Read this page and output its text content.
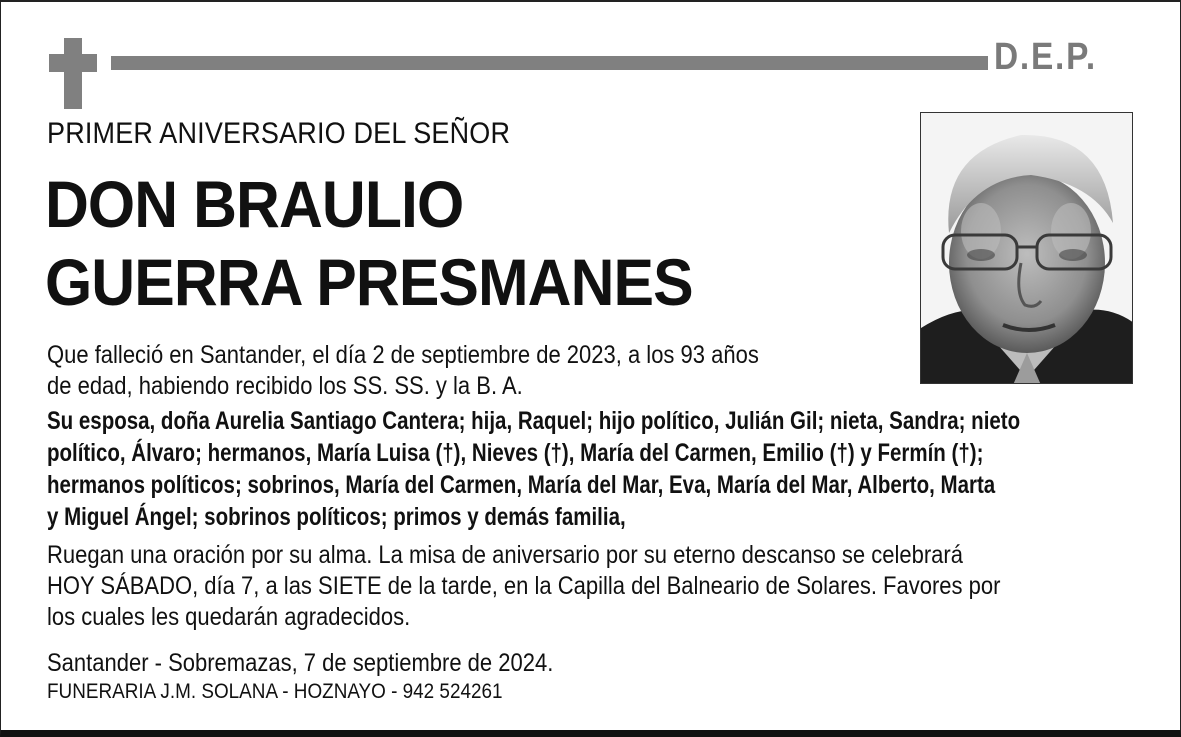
D.E.P.
PRIMER ANIVERSARIO DEL SEÑOR
DON BRAULIO
GUERRA PRESMANES
Que falleció en Santander, el día 2 de septiembre de 2023, a los 93 años
de edad, habiendo recibido los SS. SS. y la B. A.
Su esposa, doña Aurelia Santiago Cantera; hija, Raquel; hijo político, Julián Gil; nieta, Sandra; nieto
político, Álvaro; hermanos, María Luisa (†), Nieves (†), María del Carmen, Emilio (†) y Fermín (†);
hermanos políticos; sobrinos, María del Carmen, María del Mar, Eva, María del Mar, Alberto, Marta
y Miguel Ángel; sobrinos políticos; primos y demás familia,
Ruegan una oración por su alma. La misa de aniversario por su eterno descanso se celebrará
HOY SÁBADO, día 7, a las SIETE de la tarde, en la Capilla del Balneario de Solares. Favores por
los cuales les quedarán agradecidos.
Santander - Sobremazas, 7 de septiembre de 2024.
FUNERARIA J.M. SOLANA - HOZNAYO - 942 524261
